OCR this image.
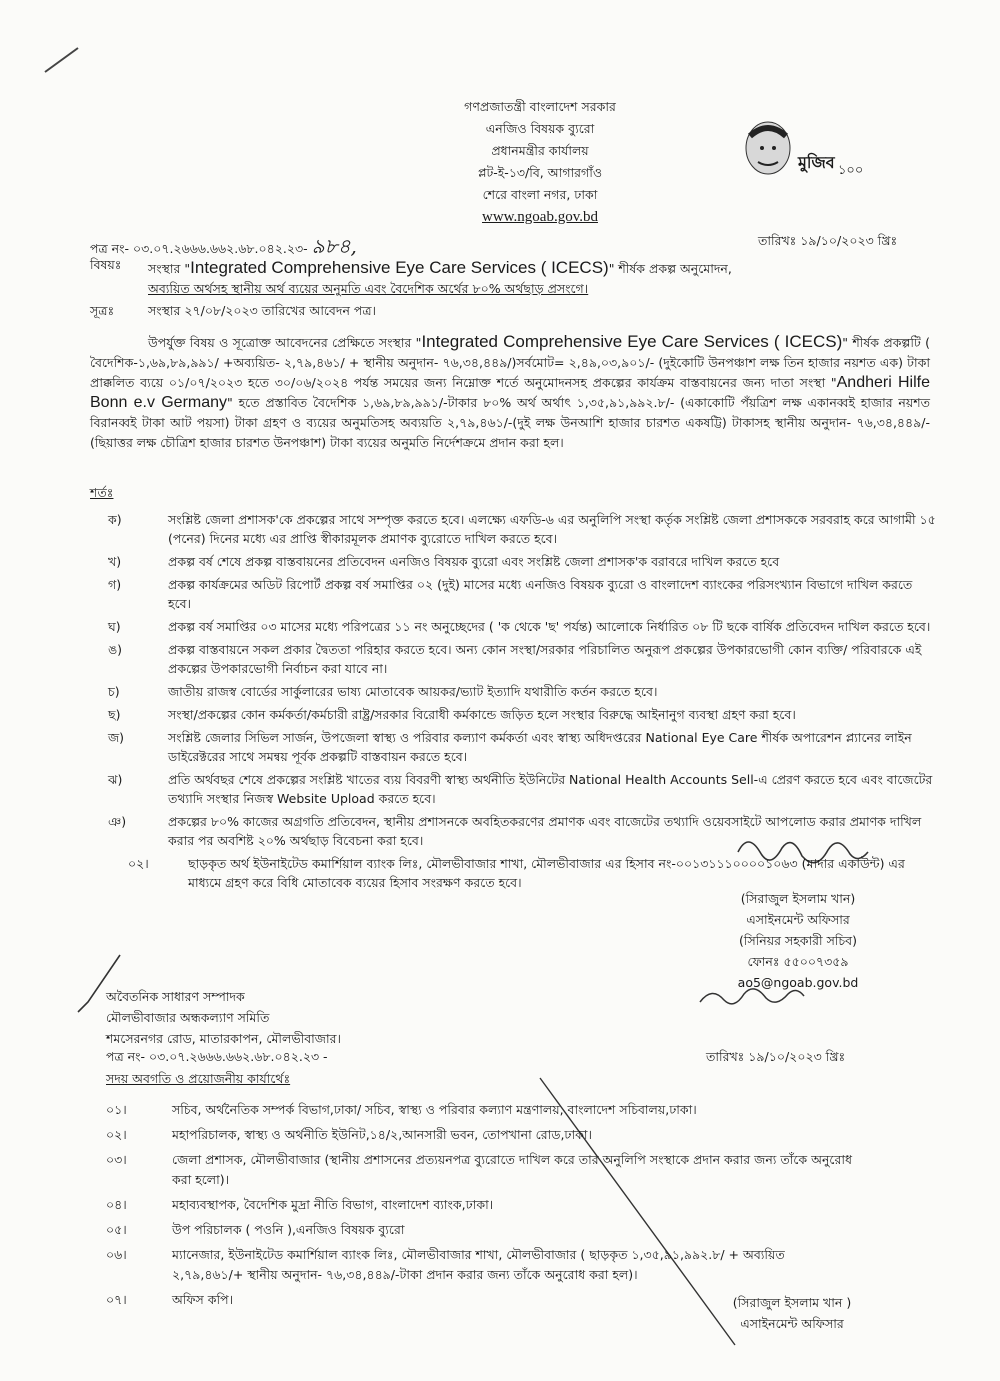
গণপ্রজাতন্ত্রী বাংলাদেশ সরকার
এনজিও বিষয়ক ব্যুরো
প্রধানমন্ত্রীর কার্যালয়
প্লট-ই-১৩/বি, আগারগাঁও
শেরে বাংলা নগর, ঢাকা
www.ngoab.gov.bd
মুজিব ১০০
পত্র নং- ০৩.০৭.২৬৬৬.৬৬২.৬৮.০৪২.২৩- ৯৮৪,	তারিখঃ ১৯/১০/২০২৩ খ্রিঃ
বিষয়ঃ	সংস্থার "Integrated Comprehensive Eye Care Services ( ICECS)" শীর্ষক প্রকল্প অনুমোদন,
অব্যয়িত অর্থসহ স্থানীয় অর্থ ব্যয়ের অনুমতি এবং বৈদেশিক অর্থের ৮০% অর্থছাড় প্রসংগে।
সূত্রঃ	সংস্থার ২৭/০৮/২০২৩ তারিখের আবেদন পত্র।

উপর্যুক্ত বিষয় ও সূত্রোক্ত আবেদনের প্রেক্ষিতে সংস্থার "Integrated Comprehensive Eye Care Services ( ICECS)" শীর্ষক প্রকল্পটি ( বৈদেশিক-১,৬৯,৮৯,৯৯১/ +অব্যয়িত- ২,৭৯,৪৬১/ + স্থানীয় অনুদান- ৭৬,৩৪,৪৪৯/)সর্বমোট= ২,৪৯,০৩,৯০১/- (দুইকোটি উনপঞ্চাশ লক্ষ তিন হাজার নয়শত এক) টাকা প্রাক্কলিত ব্যয়ে ০১/০৭/২০২৩ হতে ৩০/০৬/২০২৪ পর্যন্ত সময়ের জন্য নিম্নোক্ত শর্তে অনুমোদনসহ প্রকল্পের কার্যক্রম বাস্তবায়নের জন্য দাতা সংস্থা "Andheri Hilfe Bonn e.v Germany" হতে প্রস্তাবিত বৈদেশিক ১,৬৯,৮৯,৯৯১/-টাকার ৮০% অর্থ অর্থাৎ ১,৩৫,৯১,৯৯২.৮/- (একাকোটি পঁয়ত্রিশ লক্ষ একানব্বই হাজার নয়শত বিরানব্বই টাকা আট পয়সা) টাকা গ্রহণ ও ব্যয়ের অনুমতিসহ অব্যয়তি ২,৭৯,৪৬১/-(দুই লক্ষ উনআশি হাজার চারশত একষট্টি) টাকাসহ স্থানীয় অনুদান- ৭৬,৩৪,৪৪৯/-(ছিয়াত্তর লক্ষ চৌত্রিশ হাজার চারশত উনপঞ্চাশ) টাকা ব্যয়ের অনুমতি নির্দেশক্রমে প্রদান করা হল।

শর্তঃ
ক)	সংশ্লিষ্ট জেলা প্রশাসক'কে প্রকল্পের সাথে সম্পৃক্ত করতে হবে। এলক্ষ্যে এফডি-৬ এর অনুলিপি সংস্থা কর্তৃক সংশ্লিষ্ট জেলা প্রশাসককে সরবরাহ করে আগামী ১৫ (পনের) দিনের মধ্যে এর প্রাপ্তি স্বীকারমূলক প্রমাণক ব্যুরোতে দাখিল করতে হবে।
খ)	প্রকল্প বর্ষ শেষে প্রকল্প বাস্তবায়নের প্রতিবেদন এনজিও বিষয়ক ব্যুরো এবং সংশ্লিষ্ট জেলা প্রশাসক'ক বরাবরে দাখিল করতে হবে
গ)	প্রকল্প কার্যক্রমের অডিট রিপোর্ট প্রকল্প বর্ষ সমাপ্তির ০২ (দুই) মাসের মধ্যে এনজিও বিষয়ক ব্যুরো ও বাংলাদেশ ব্যাংকের পরিসংখ্যান বিভাগে দাখিল করতে হবে।
ঘ)	প্রকল্প বর্ষ সমাপ্তির ০৩ মাসের মধ্যে পরিপত্রের ১১ নং অনুচ্ছেদের ( 'ক থেকে 'ছ' পর্যন্ত) আলোকে নির্ধারিত ০৮ টি ছকে বার্ষিক প্রতিবেদন দাখিল করতে হবে।
ঙ)	প্রকল্প বাস্তবায়নে সকল প্রকার দ্বৈততা পরিহার করতে হবে। অন্য কোন সংস্থা/সরকার পরিচালিত অনুরূপ প্রকল্পের উপকারভোগী কোন ব্যক্তি/ পরিবারকে এই প্রকল্পের উপকারভোগী নির্বাচন করা যাবে না।
চ)	জাতীয় রাজস্ব বোর্ডের সার্কুলারের ভাষ্য মোতাবেক আয়কর/ভ্যাট ইত্যাদি যথারীতি কর্তন করতে হবে।
ছ)	সংস্থা/প্রকল্পের কোন কর্মকর্তা/কর্মচারী রাষ্ট্র/সরকার বিরোধী কর্মকান্ডে জড়িত হলে সংস্থার বিরুদ্ধে আইনানুগ ব্যবস্থা গ্রহণ করা হবে।
জ)	সংশ্লিষ্ট জেলার সিভিল সার্জন, উপজেলা স্বাস্থ্য ও পরিবার কল্যাণ কর্মকর্তা এবং স্বাস্থ্য অধিদপ্তরের National Eye Care শীর্ষক অপারেশন প্ল্যানের লাইন ডাইরেক্টরের সাথে সমন্বয় পূর্বক প্রকল্পটি বাস্তবায়ন করতে হবে।
ঝ)	প্রতি অর্থবছর শেষে প্রকল্পের সংশ্লিষ্ট খাতের ব্যয় বিবরণী স্বাস্থ্য অর্থনীতি ইউনিটের National Health Accounts Sell-এ প্রেরণ করতে হবে এবং বাজেটের তথ্যাদি সংস্থার নিজস্ব Website Upload করতে হবে।
ঞ)	প্রকল্পের ৮০% কাজের অগ্রগতি প্রতিবেদন, স্থানীয় প্রশাসনকে অবহিতকরণের প্রমাণক এবং বাজেটের তথ্যাদি ওয়েবসাইটে আপলোড করার প্রমাণক দাখিল করার পর অবশিষ্ট ২০% অর্থছাড় বিবেচনা করা হবে।
০২।	ছাড়কৃত অর্থ ইউনাইটেড কমার্শিয়াল ব্যাংক লিঃ, মৌলভীবাজার শাখা, মৌলভীবাজার এর হিসাব নং-০০১৩১১১০০০০১০৬৩ (মাদার একাউন্ট) এর মাধ্যমে গ্রহণ করে বিধি মোতাবেক ব্যয়ের হিসাব সংরক্ষণ করতে হবে।
(সিরাজুল ইসলাম খান)
এসাইনমেন্ট অফিসার
(সিনিয়র সহকারী সচিব)
ফোনঃ ৫৫০০৭৩৫৯
ao5@ngoab.gov.bd
অবৈতনিক সাধারণ সম্পাদক
মৌলভীবাজার অন্ধকল্যাণ সমিতি
শমসেরনগর রোড, মাতারকাপন, মৌলভীবাজার।
পত্র নং- ০৩.০৭.২৬৬৬.৬৬২.৬৮.০৪২.২৩ -	তারিখঃ ১৯/১০/২০২৩ খ্রিঃ
সদয় অবগতি ও প্রয়োজনীয় কার্যার্থেঃ
০১।	সচিব, অর্থনৈতিক সম্পর্ক বিভাগ,ঢাকা/ সচিব, স্বাস্থ্য ও পরিবার কল্যাণ মন্ত্রণালয়, বাংলাদেশ সচিবালয়,ঢাকা।
০২।	মহাপরিচালক, স্বাস্থ্য ও অর্থনীতি ইউনিট,১৪/২,আনসারী ভবন, তোপখানা রোড,ঢাকা।
০৩।	জেলা প্রশাসক, মৌলভীবাজার (স্থানীয় প্রশাসনের প্রত্যয়নপত্র ব্যুরোতে দাখিল করে তার অনুলিপি সংস্থাকে প্রদান করার জন্য তাঁকে অনুরোধ করা হলো)।
০৪।	মহাব্যবস্থাপক, বৈদেশিক মুদ্রা নীতি বিভাগ, বাংলাদেশ ব্যাংক,ঢাকা।
০৫।	উপ পরিচালক ( পওনি ),এনজিও বিষয়ক ব্যুরো
০৬।	ম্যানেজার, ইউনাইটেড কমার্শিয়াল ব্যাংক লিঃ, মৌলভীবাজার শাখা, মৌলভীবাজার ( ছাড়কৃত ১,৩৫,৯১,৯৯২.৮/ + অব্যয়িত ২,৭৯,৪৬১/+ স্থানীয় অনুদান- ৭৬,৩৪,৪৪৯/-টাকা প্রদান করার জন্য তাঁকে অনুরোধ করা হল)।
০৭।	অফিস কপি।	(সিরাজুল ইসলাম খান )
এসাইনমেন্ট অফিসার
